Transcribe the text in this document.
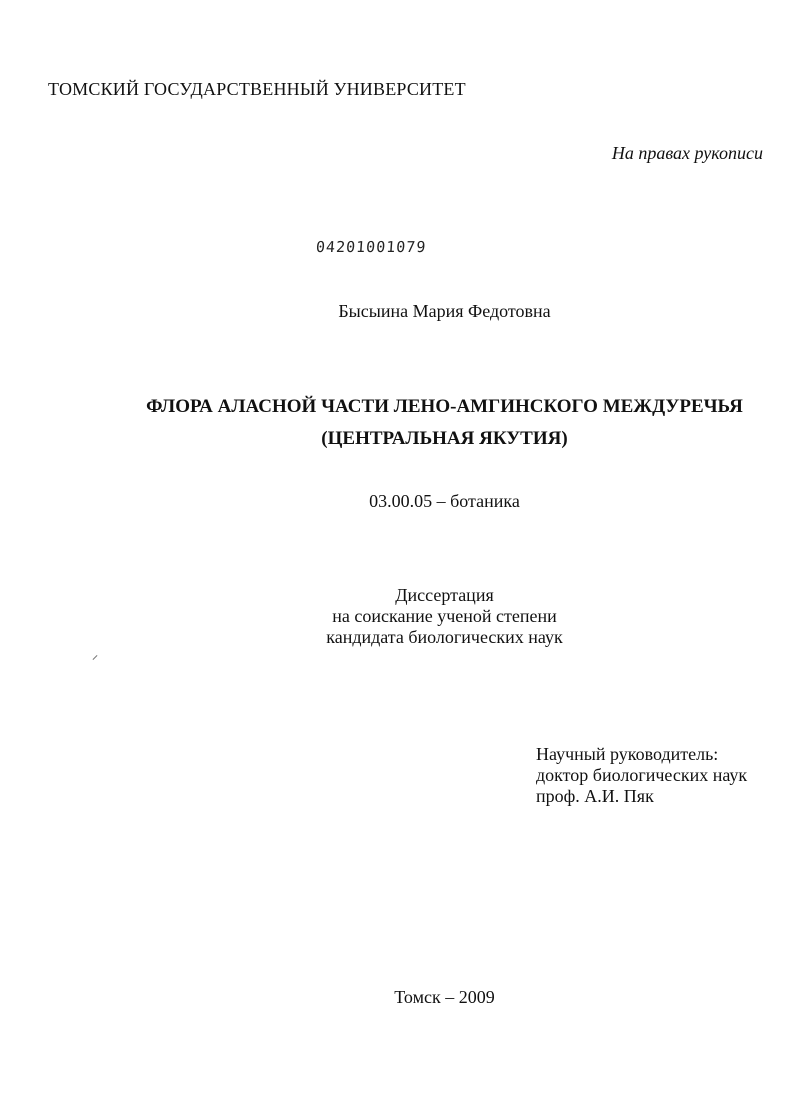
ТОМСКИЙ ГОСУДАРСТВЕННЫЙ УНИВЕРСИТЕТ
На правах рукописи
04201001079
Бысыина Мария Федотовна
ФЛОРА АЛАСНОЙ ЧАСТИ ЛЕНО-АМГИНСКОГО МЕЖДУРЕЧЬЯ
(ЦЕНТРАЛЬНАЯ ЯКУТИЯ)
03.00.05 – ботаника
Диссертация
на соискание ученой степени
кандидата биологических наук
Научный руководитель:
доктор биологических наук
проф. А.И. Пяк
Томск – 2009
